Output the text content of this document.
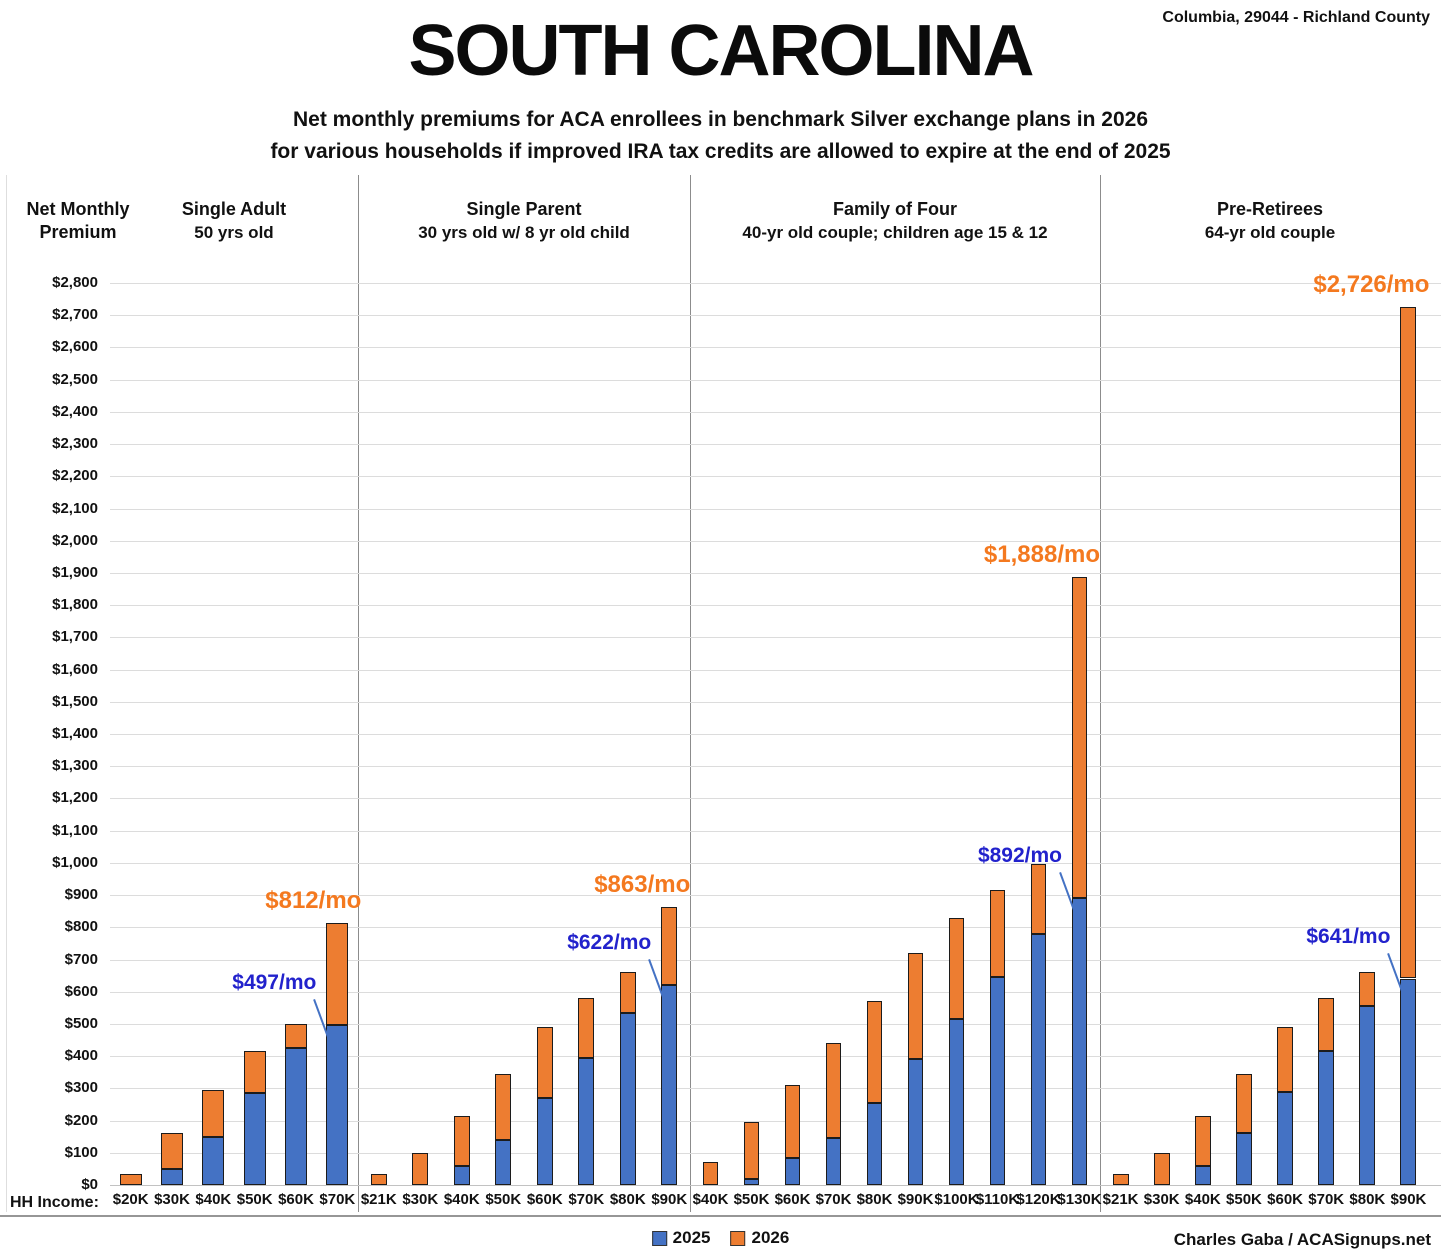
Columbia, 29044 - Richland County
SOUTH CAROLINA
Net monthly premiums for ACA enrollees in benchmark Silver exchange plans in 2026
for various households if improved IRA tax credits are allowed to expire at the end of 2025
Net Monthly
Premium
Single Adult
50 yrs old
Single Parent
30 yrs old w/ 8 yr old child
Family of Four
40-yr old couple; children age 15 & 12
Pre-Retirees
64-yr old couple
$0
$100
$200
$300
$400
$500
$600
$700
$800
$900
$1,000
$1,100
$1,200
$1,300
$1,400
$1,500
$1,600
$1,700
$1,800
$1,900
$2,000
$2,100
$2,200
$2,300
$2,400
$2,500
$2,600
$2,700
$2,800
$20K $30K $40K $50K $60K $70K
$812/mo
$497/mo
$21K $30K $40K $50K $60K $70K $80K $90K
$863/mo
$622/mo
$40K $50K $60K $70K $80K $90K $100K
$110K
$120K
$130K
$1,888/mo
$892/mo
$21K $30K $40K $50K $60K $70K $80K $90K
$2,726/mo
$641/mo
HH Income:
2025 2026	Charles Gaba / ACASignups.net
